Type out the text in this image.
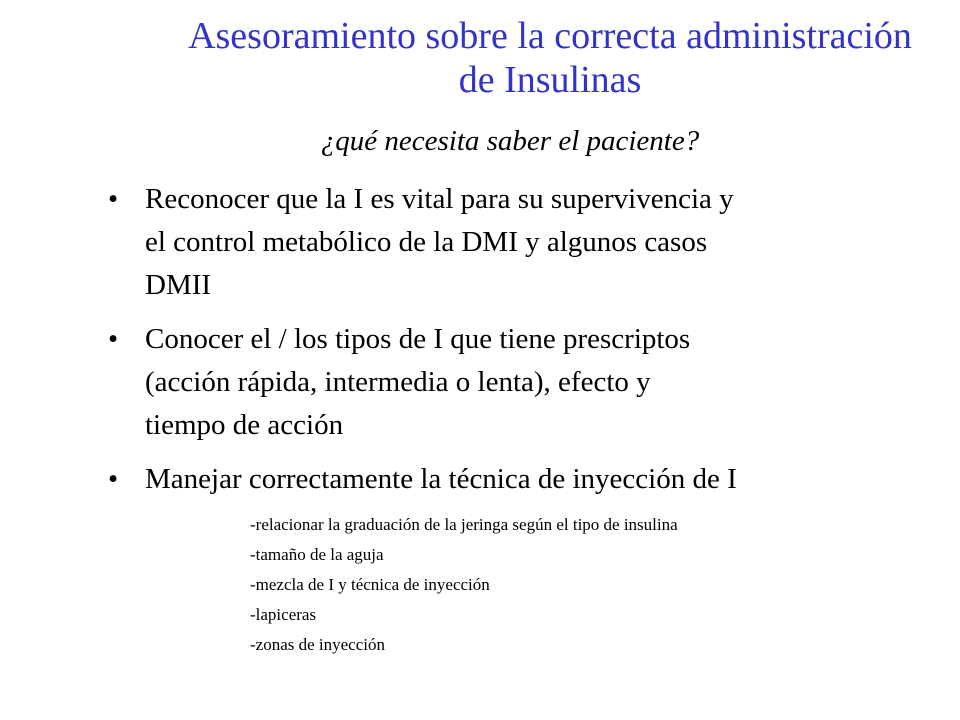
Asesoramiento sobre la correcta administración
de Insulinas
¿qué necesita saber el paciente?
• Reconocer que la I es vital para su supervivencia y
el control metabólico de la DMI y algunos casos
DMII
• Conocer el / los tipos de I que tiene prescriptos
(acción rápida, intermedia o lenta), efecto y
tiempo de acción
• Manejar correctamente la técnica de inyección de I
-relacionar la graduación de la jeringa según el tipo de insulina
-tamaño de la aguja
-mezcla de I y técnica de inyección
-lapiceras
-zonas de inyección
